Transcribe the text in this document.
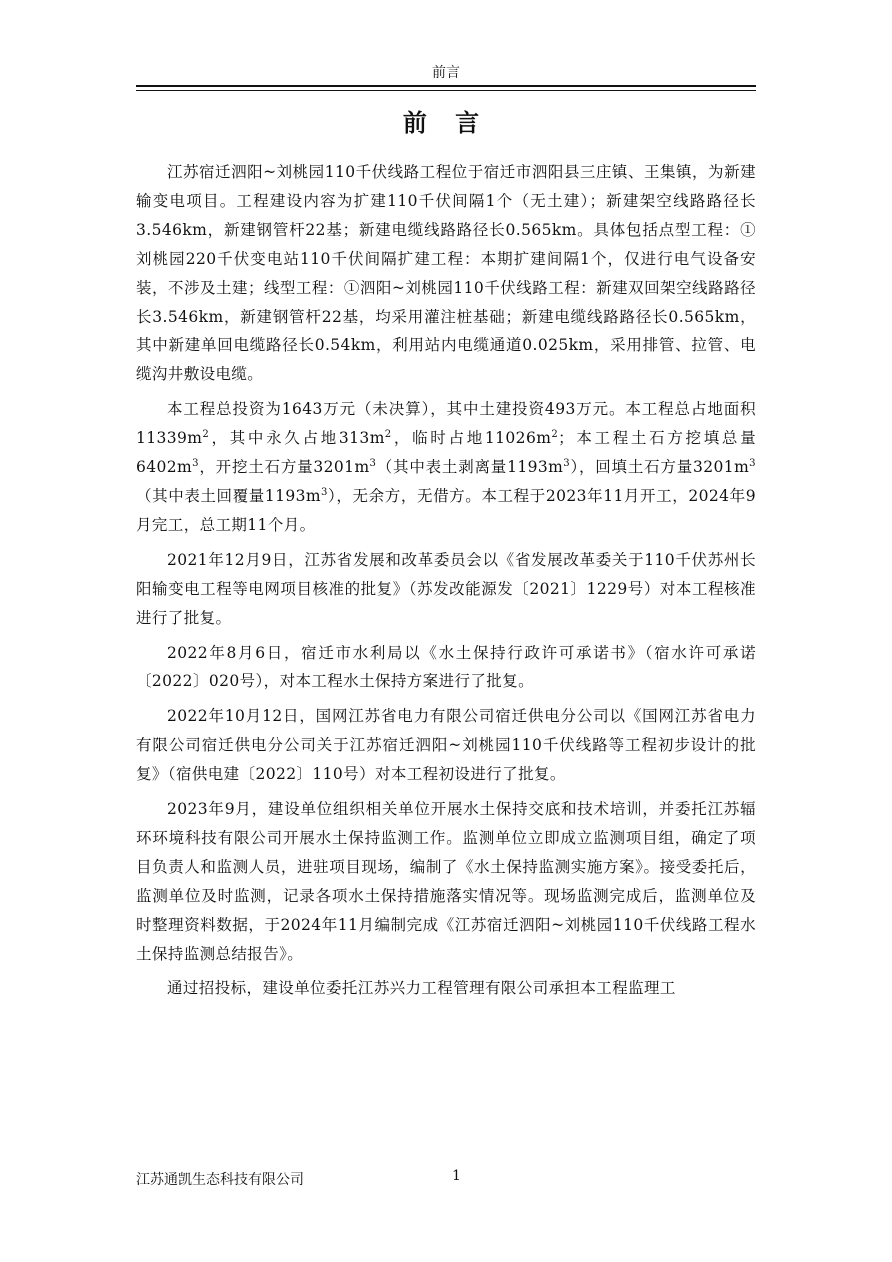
前言
前 言

江苏宿迁泗阳~刘桃园110千伏线路工程位于宿迁市泗阳县三庄镇、王集镇，为新建输变电项目。工程建设内容为扩建110千伏间隔1个（无土建）；新建架空线路路径长3.546km，新建钢管杆22基；新建电缆线路路径长0.565km。具体包括点型工程：①刘桃园220千伏变电站110千伏间隔扩建工程：本期扩建间隔1个，仅进行电气设备安装，不涉及土建；线型工程：①泗阳~刘桃园110千伏线路工程：新建双回架空线路路径长3.546km，新建钢管杆22基，均采用灌注桩基础；新建电缆线路路径长0.565km，其中新建单回电缆路径长0.54km，利用站内电缆通道0.025km，采用排管、拉管、电缆沟井敷设电缆。

本工程总投资为1643万元（未决算），其中土建投资493万元。本工程总占地面积$11339m^2$，其中永久占地$313m^2$，临时占地$11026m^2$；本工程土石方挖填总量$6402m^3$，开挖土石方量$3201m^3$（其中表土剥离量$1193m^3$），回填土石方量$3201m^3$（其中表土回覆量$1193m^3$），无余方，无借方。本工程于2023年11月开工，2024年9月完工，总工期11个月。

2021年12月9日，江苏省发展和改革委员会以《省发展改革委关于110千伏苏州长阳输变电工程等电网项目核准的批复》（苏发改能源发〔2021〕1229号）对本工程核准进行了批复。

2022年8月6日，宿迁市水利局以《水土保持行政许可承诺书》（宿水许可承诺〔2022〕020号），对本工程水土保持方案进行了批复。

2022年10月12日，国网江苏省电力有限公司宿迁供电分公司以《国网江苏省电力有限公司宿迁供电分公司关于江苏宿迁泗阳~刘桃园110千伏线路等工程初步设计的批复》（宿供电建〔2022〕110号）对本工程初设进行了批复。

2023年9月，建设单位组织相关单位开展水土保持交底和技术培训，并委托江苏辐环环境科技有限公司开展水土保持监测工作。监测单位立即成立监测项目组，确定了项目负责人和监测人员，进驻项目现场，编制了《水土保持监测实施方案》。接受委托后，监测单位及时监测，记录各项水土保持措施落实情况等。现场监测完成后，监测单位及时整理资料数据，于2024年11月编制完成《江苏宿迁泗阳~刘桃园110千伏线路工程水土保持监测总结报告》。

通过招投标，建设单位委托江苏兴力工程管理有限公司承担本工程监理工

江苏通凯生态科技有限公司	1
